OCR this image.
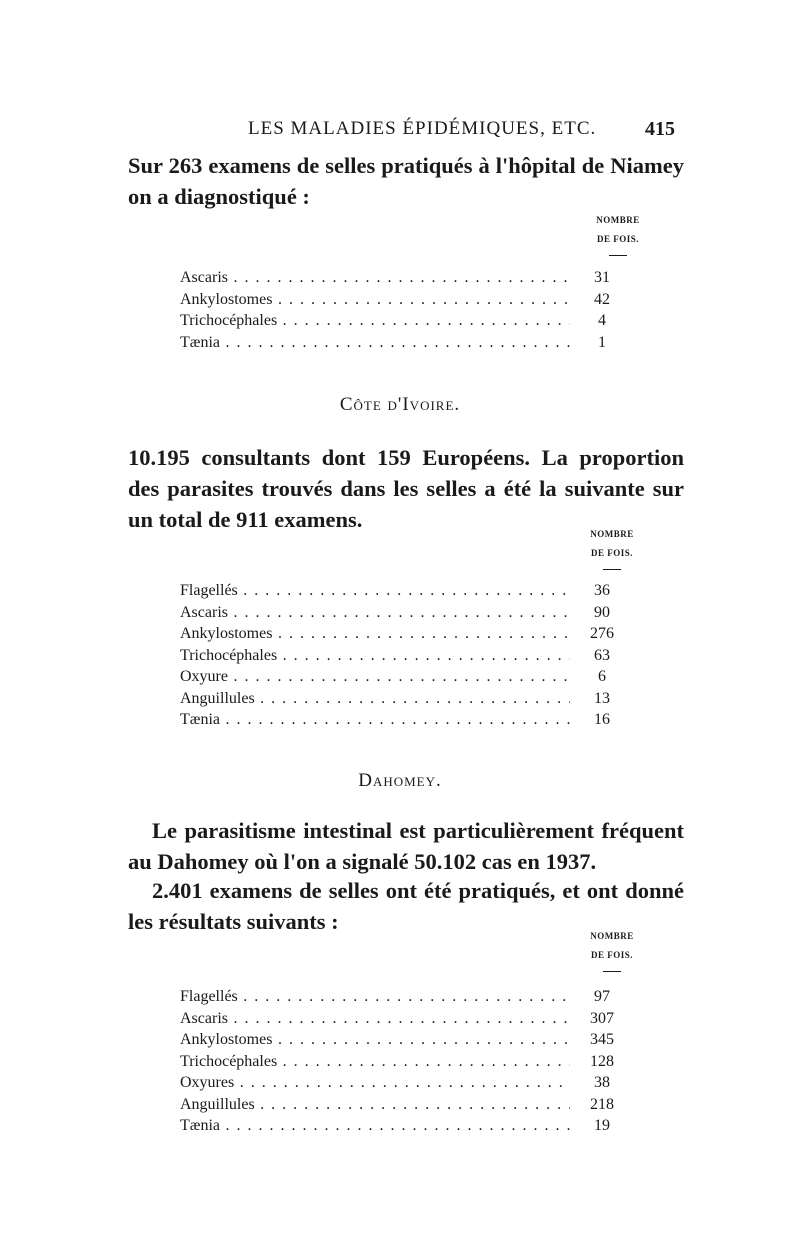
LES MALADIES ÉPIDÉMIQUES, ETC. 415

Sur 263 examens de selles pratiqués à l'hôpital de Niamey on a diagnostiqué :

NOMBRE
DE FOIS.
Ascaris . . .	31
Ankylostomes . . .	42
Trichocéphales . . .	4
Tænia . . .	1
Côte d'Ivoire.

10.195 consultants dont 159 Européens. La proportion des parasites trouvés dans les selles a été la suivante sur un total de 911 examens.

NOMBRE
DE FOIS.
Flagellés . . .	36
Ascaris . . .	90
Ankylostomes . . .	276
Trichocéphales . . .	63
Oxyure . . .	6
Anguillules . . .	13
Tænia . . .	16
Dahomey.

Le parasitisme intestinal est particulièrement fréquent au Dahomey où l'on a signalé 50.102 cas en 1937.

2.401 examens de selles ont été pratiqués, et ont donné les résultats suivants :

NOMBRE
DE FOIS.
Flagellés . . .	97
Ascaris . . .	307
Ankylostomes . . .	345
Trichocéphales . . .	128
Oxyures . . .	38
Anguillules . . .	218
Tænia . . .	19
